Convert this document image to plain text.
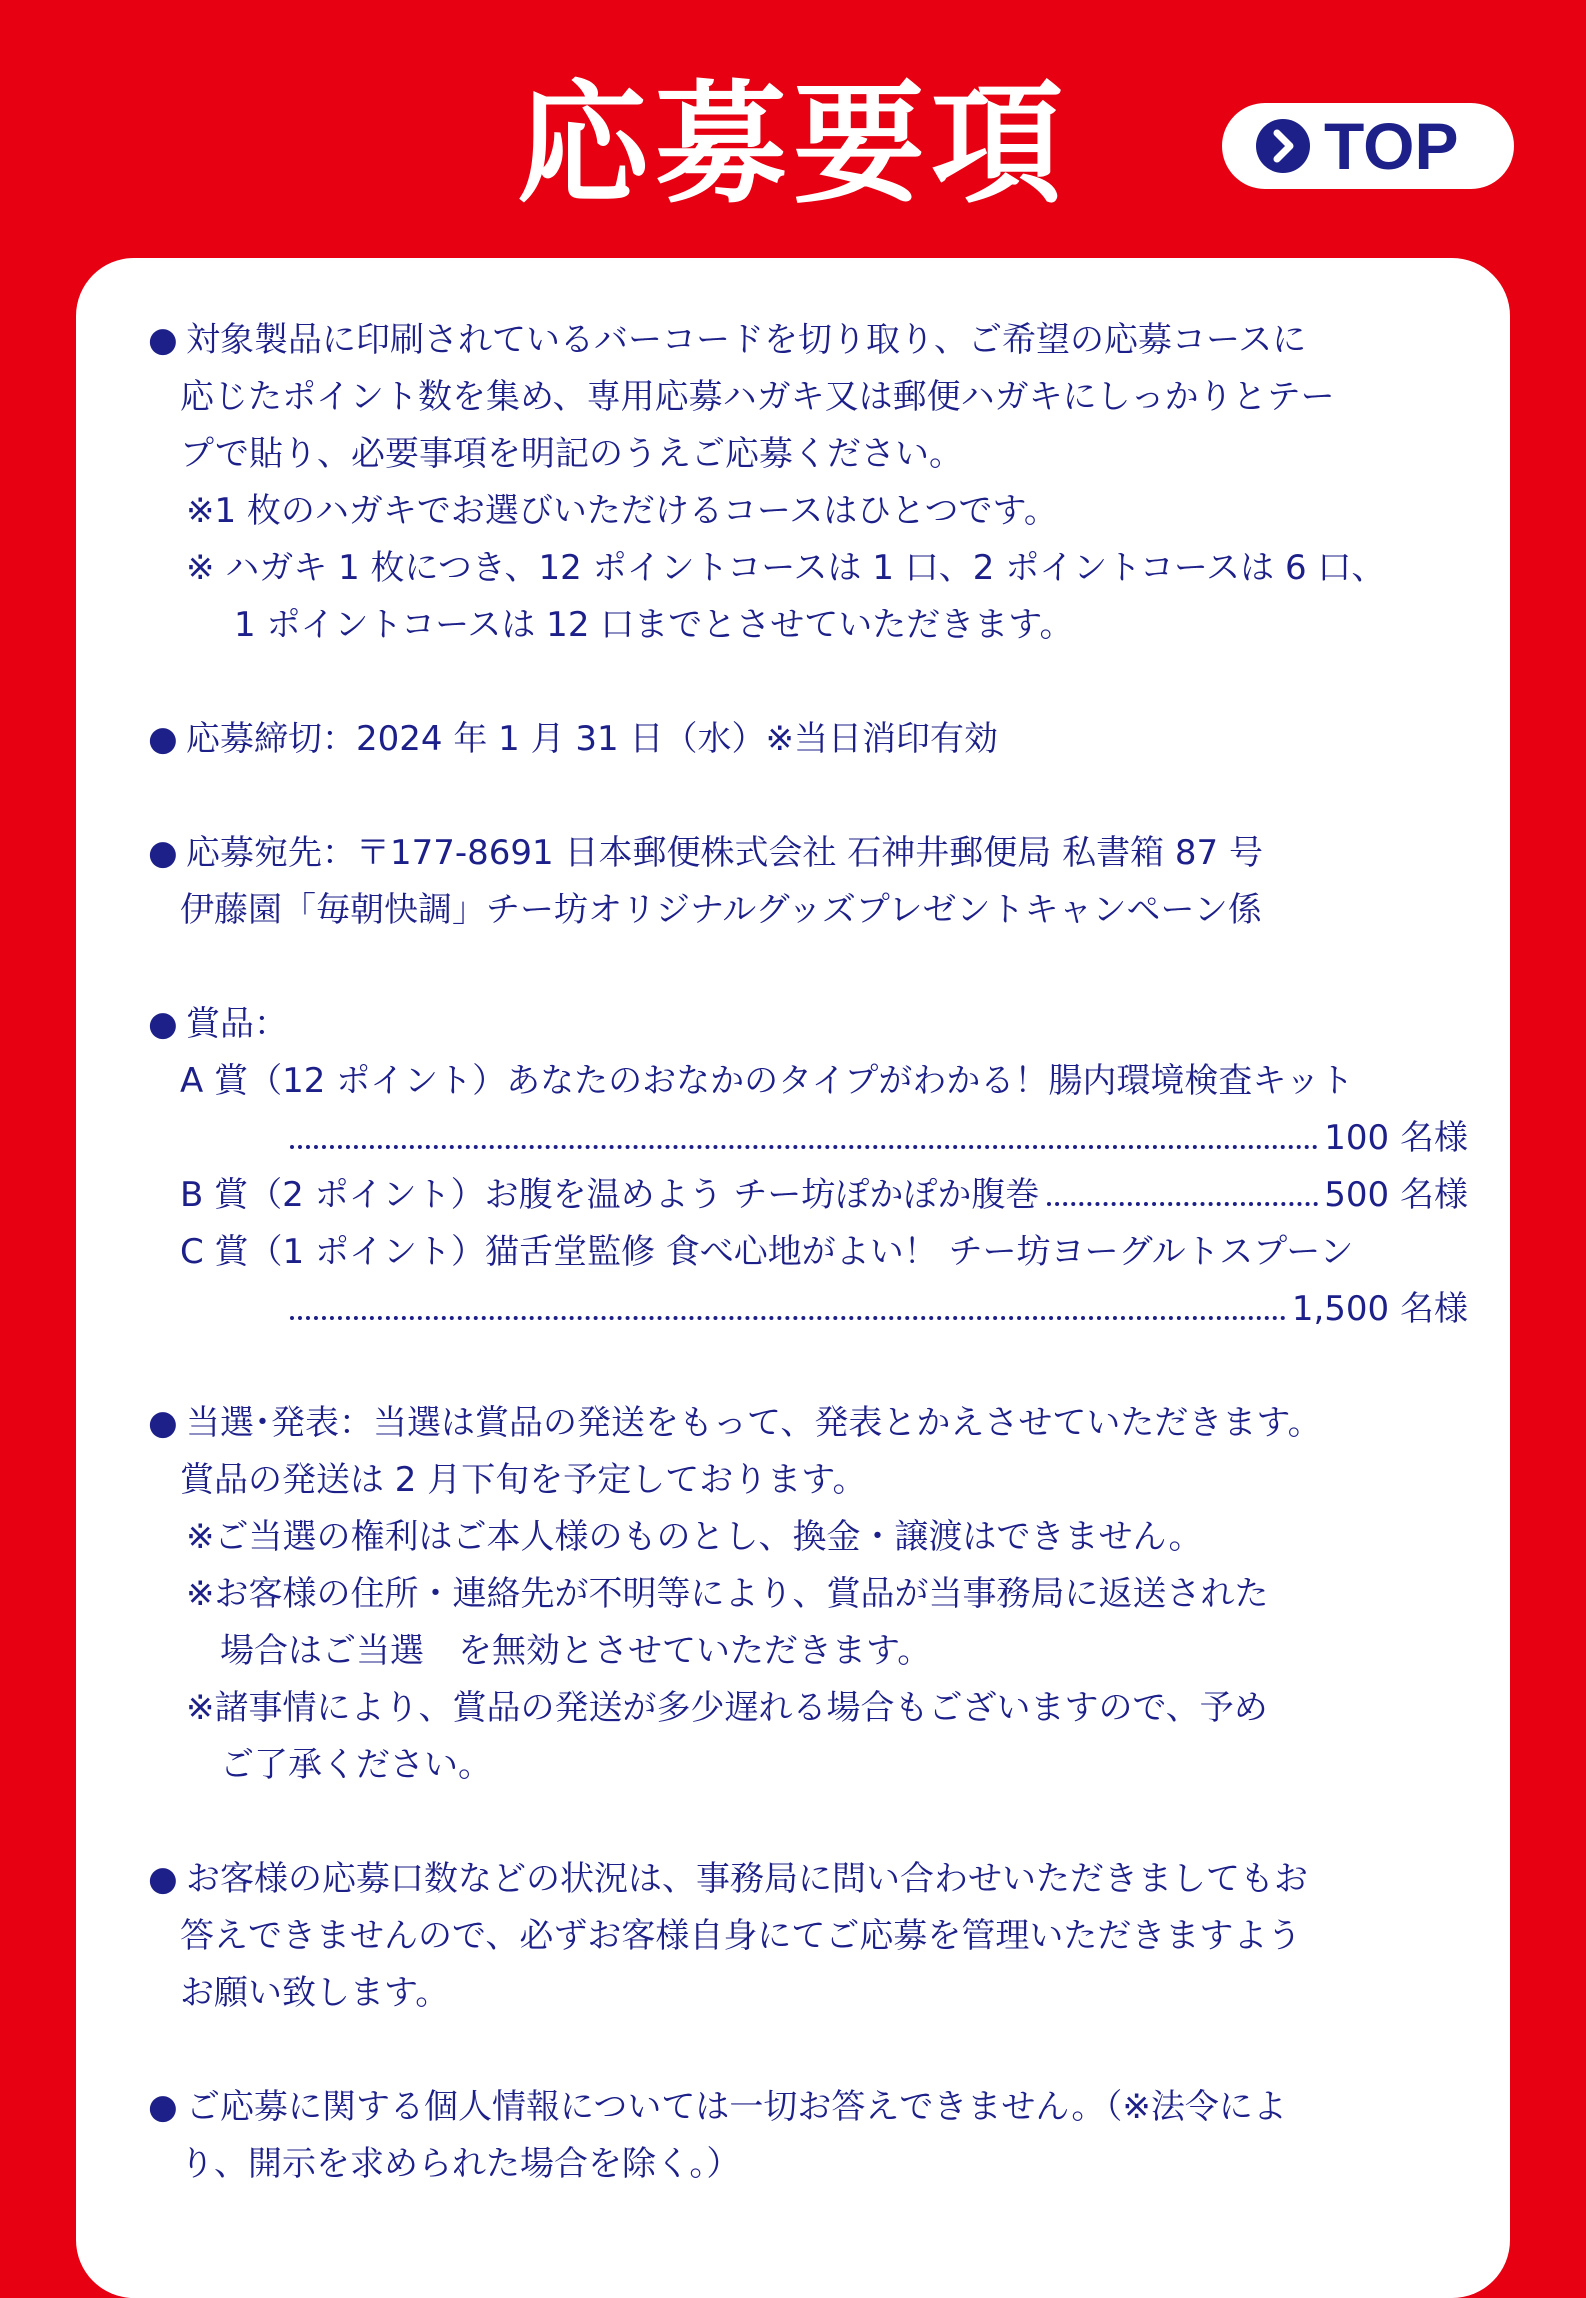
応募要項	TOP
● 対象製品に印刷されているバーコードを切り取り、ご希望の応募コースに
応じたポイント数を集め、専用応募ハガキ又は郵便ハガキにしっかりとテー
プで貼り、必要事項を明記のうえご応募ください。
※1 枚のハガキでお選びいただけるコースはひとつです。
※ ハガキ 1 枚につき、12 ポイントコースは 1 口、2 ポイントコースは 6 口、
1 ポイントコースは 12 口までとさせていただきます。
● 応募締切：2024 年 1 月 31 日（水）※当日消印有効
● 応募宛先：〒177-8691 日本郵便株式会社 石神井郵便局 私書箱 87 号
伊藤園「毎朝快調」チー坊オリジナルグッズプレゼントキャンペーン係
● 賞品：
A 賞（12 ポイント）あなたのおなかのタイプがわかる！腸内環境検査キット
100 名様
B 賞（2 ポイント）お腹を温めよう チー坊ぽかぽか腹巻	500 名様
C 賞（1 ポイント）猫舌堂監修 食べ心地がよい！ チー坊ヨーグルトスプーン
1,500 名様
● 当選･発表：当選は賞品の発送をもって、発表とかえさせていただきます。
賞品の発送は 2 月下旬を予定しております。
※ご当選の権利はご本人様のものとし、換金・譲渡はできません。
※お客様の住所・連絡先が不明等により、賞品が当事務局に返送された
場合はご当選　を無効とさせていただきます。
※諸事情により、賞品の発送が多少遅れる場合もございますので、予め
ご了承ください。
● お客様の応募口数などの状況は、事務局に問い合わせいただきましてもお
答えできませんので、必ずお客様自身にてご応募を管理いただきますよう
お願い致します。
● ご応募に関する個人情報については一切お答えできません。（※法令によ
り、開示を求められた場合を除く。）
